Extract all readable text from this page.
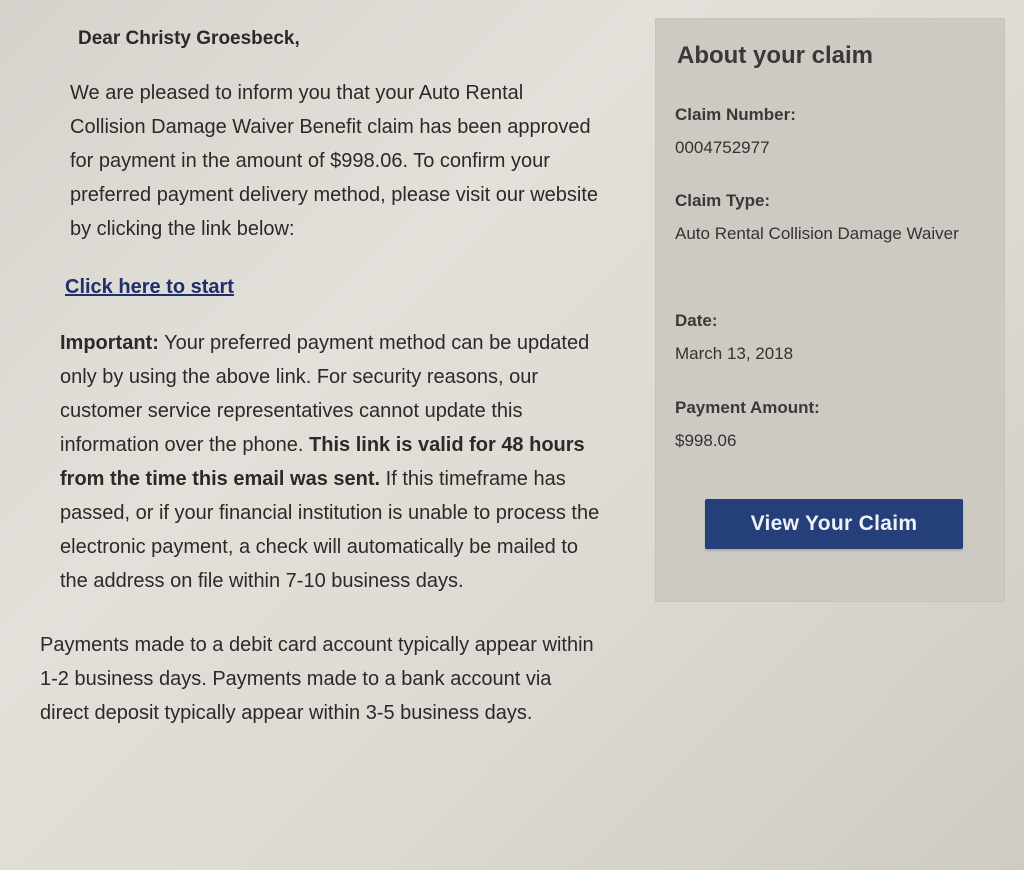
Dear Christy Groesbeck,

We are pleased to inform you that your Auto Rental Collision Damage Waiver Benefit claim has been approved for payment in the amount of $998.06. To confirm your preferred payment delivery method, please visit our website by clicking the link below:

Click here to start

Important: Your preferred payment method can be updated only by using the above link. For security reasons, our customer service representatives cannot update this information over the phone. This link is valid for 48 hours from the time this email was sent. If this timeframe has passed, or if your financial institution is unable to process the electronic payment, a check will automatically be mailed to the address on file within 7-10 business days.

Payments made to a debit card account typically appear within 1-2 business days. Payments made to a bank account via direct deposit typically appear within 3-5 business days.

About your claim
Claim Number:
0004752977
Claim Type:
Auto Rental Collision Damage Waiver
Date:
March 13, 2018
Payment Amount:
$998.06
View Your Claim
